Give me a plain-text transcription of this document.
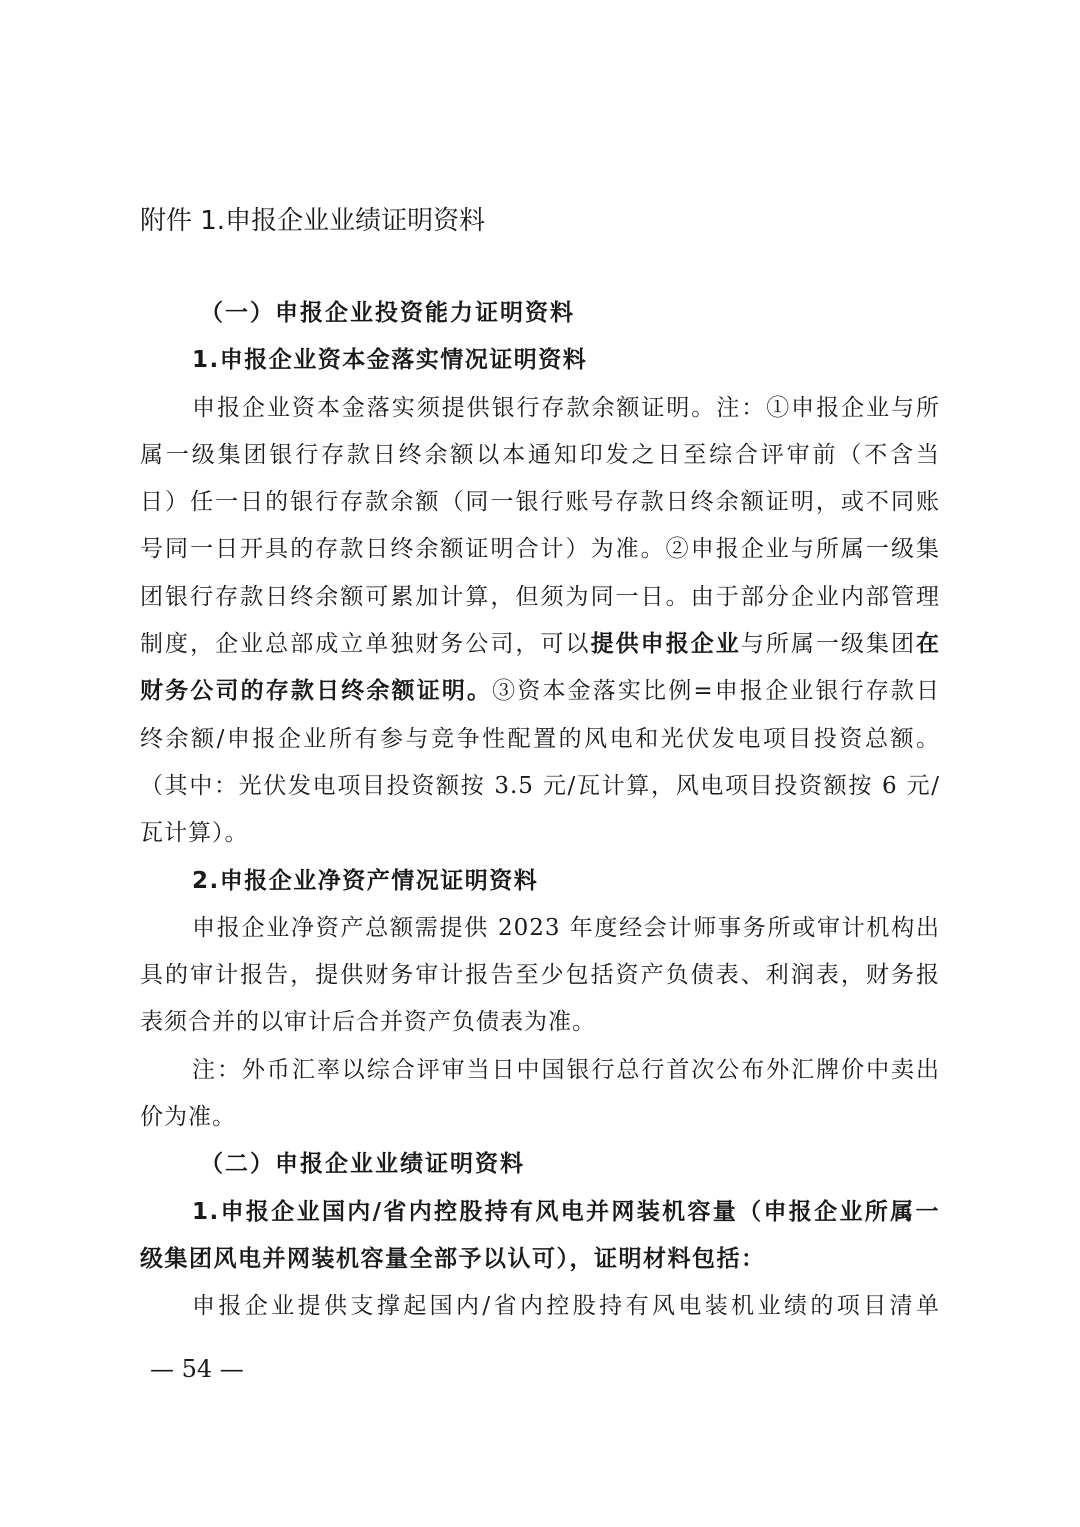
附件 1.申报企业业绩证明资料
（一）申报企业投资能力证明资料
1.申报企业资本金落实情况证明资料
申报企业资本金落实须提供银行存款余额证明。注：①申报企业与所
属一级集团银行存款日终余额以本通知印发之日至综合评审前（不含当
日）任一日的银行存款余额（同一银行账号存款日终余额证明，或不同账
号同一日开具的存款日终余额证明合计）为准。②申报企业与所属一级集
团银行存款日终余额可累加计算，但须为同一日。由于部分企业内部管理
制度，企业总部成立单独财务公司，可以提供申报企业与所属一级集团在
财务公司的存款日终余额证明。③资本金落实比例=申报企业银行存款日
终余额/申报企业所有参与竞争性配置的风电和光伏发电项目投资总额。
（其中：光伏发电项目投资额按 3.5 元/瓦计算，风电项目投资额按 6 元/
瓦计算）。
2.申报企业净资产情况证明资料
申报企业净资产总额需提供 2023 年度经会计师事务所或审计机构出
具的审计报告，提供财务审计报告至少包括资产负债表、利润表，财务报
表须合并的以审计后合并资产负债表为准。
注：外币汇率以综合评审当日中国银行总行首次公布外汇牌价中卖出
价为准。
（二）申报企业业绩证明资料
1.申报企业国内/省内控股持有风电并网装机容量（申报企业所属一
级集团风电并网装机容量全部予以认可），证明材料包括：
申报企业提供支撑起国内/省内控股持有风电装机业绩的项目清单
— 54 —
